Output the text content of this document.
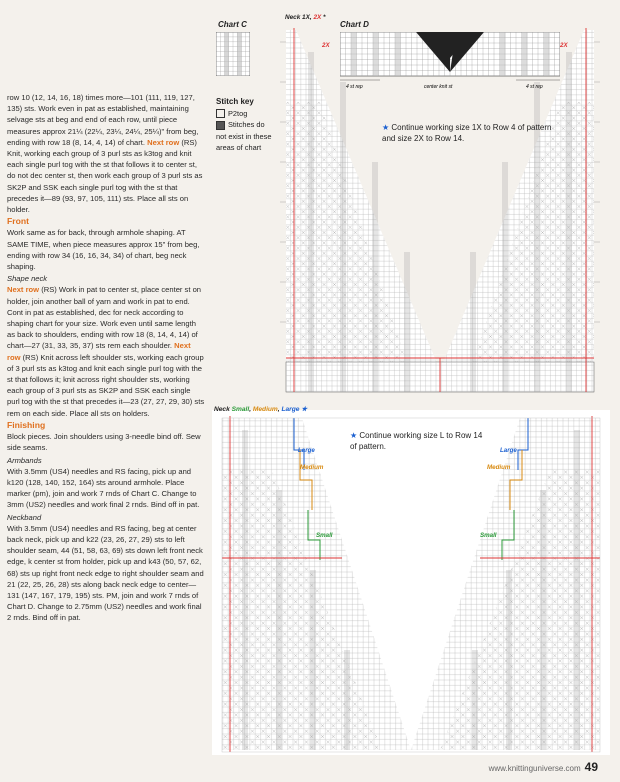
row 10 (12, 14, 16, 18) times more—101 (111, 119, 127, 135) sts. Work even in pat as established, maintaining selvage sts at beg and end of each row, until piece measures approx 21¼ (22¼, 23¼, 24¼, 25¼)" from beg, ending with row 18 (8, 14, 4, 14) of chart. Next row (RS) Knit, working each group of 3 purl sts as k3tog and knit each single purl tog with the st that follows it to center st, do not dec center st, then work each group of 3 purl sts as SK2P and SSK each single purl tog with the st that precedes it—89 (93, 97, 105, 111) sts. Place all sts on holder.

Front

Work same as for back, through armhole shaping. AT SAME TIME, when piece measures approx 15" from beg, ending with row 34 (16, 16, 34, 34) of chart, beg neck shaping.

Shape neck

Next row (RS) Work in pat to center st, place center st on holder, join another ball of yarn and work in pat to end. Cont in pat as established, dec for neck according to shaping chart for your size. Work even until same length as back to shoulders, ending with row 18 (8, 14, 4, 14) of chart—27 (31, 33, 35, 37) sts rem each shoulder. Next row (RS) Knit across left shoulder sts, working each group of 3 purl sts as k3tog and knit each single purl tog with the st that follows it; knit across right shoulder sts, working each group of 3 purl sts as SK2P and SSK each single purl tog with the st that precedes it—23 (27, 27, 29, 30) sts rem on each side. Place all sts on holders.

Finishing

Block pieces. Join shoulders using 3-needle bind off. Sew side seams.

Armbands

With 3.5mm (US4) needles and RS facing, pick up and k120 (128, 140, 152, 164) sts around armhole. Place marker (pm), join and work 7 rnds of Chart C. Change to 3mm (US2) needles and work final 2 rnds. Bind off in pat.

Neckband

With 3.5mm (US4) needles and RS facing, beg at center back neck, pick up and k22 (23, 26, 27, 29) sts to left shoulder seam, 44 (51, 58, 63, 69) sts down left front neck edge, k center st from holder, pick up and k43 (50, 57, 62, 68) sts up right front neck edge to right shoulder seam and 21 (22, 25, 26, 28) sts along back neck edge to center— 131 (147, 167, 179, 195) sts. PM, join and work 7 rnds of Chart D. Change to 2.75mm (US2) needles and work final 2 rnds. Bind off in pat.

Chart C
Stitch key
P2tog
Stitches do not exist in these areas of chart
Neck 1X, 2X *
Chart D
4 st rep	center knit st	4 st rep
2X	2X
★ Continue working size 1X to Row 4 of pattern and size 2X to Row 14.
Neck Small, Medium, Large ★
Large	Large
Medium	Medium
Small	Small
★ Continue working size L to Row 14 of pattern.
www.knittinguniverse.com 49
